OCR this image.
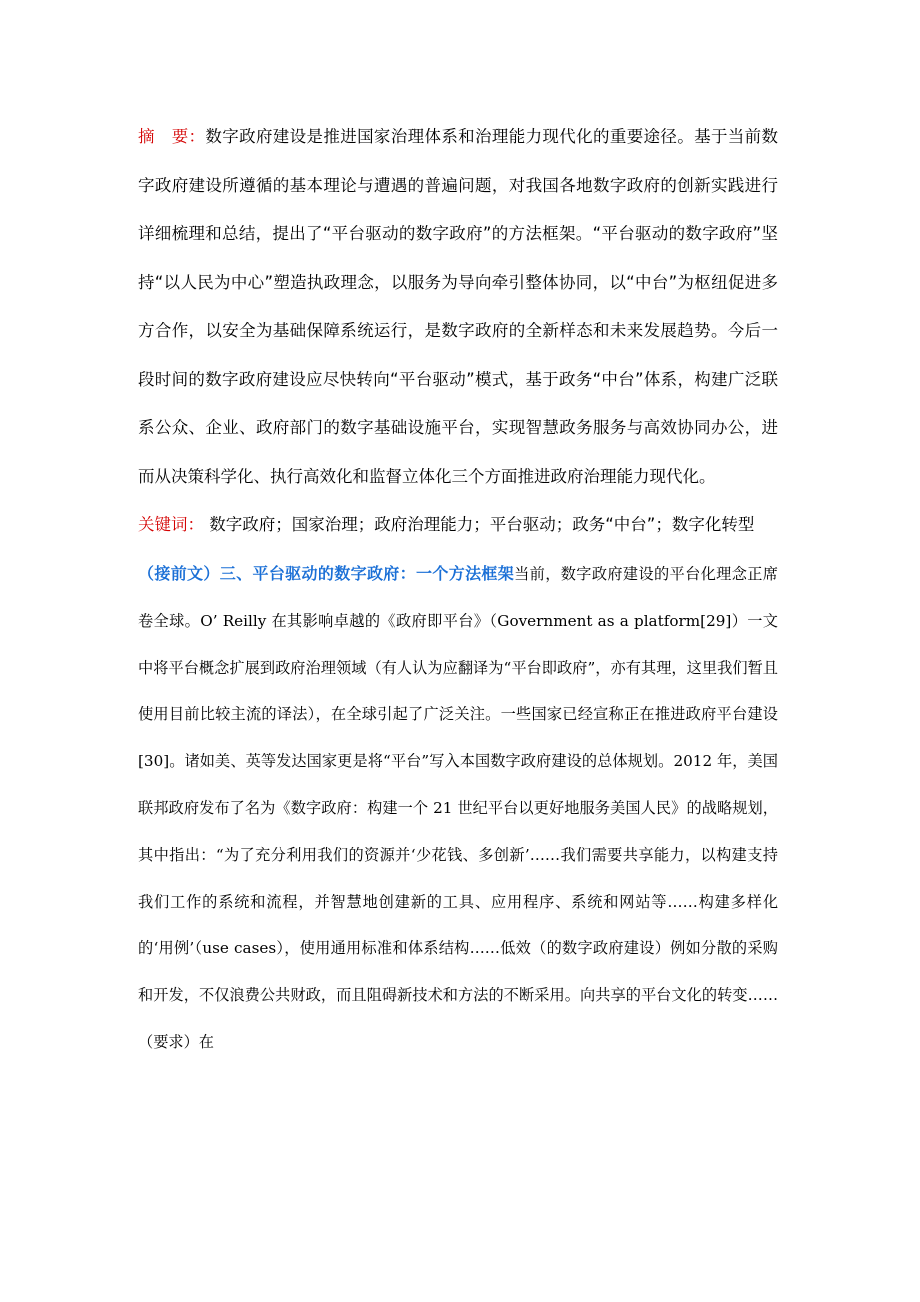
摘　要：数字政府建设是推进国家治理体系和治理能力现代化的重要途径。基于当前数字政府建设所遵循的基本理论与遭遇的普遍问题，对我国各地数字政府的创新实践进行详细梳理和总结，提出了“平台驱动的数字政府”的方法框架。“平台驱动的数字政府”坚持“以人民为中心”塑造执政理念，以服务为导向牵引整体协同，以“中台”为枢纽促进多方合作，以安全为基础保障系统运行，是数字政府的全新样态和未来发展趋势。今后一段时间的数字政府建设应尽快转向“平台驱动”模式，基于政务“中台”体系，构建广泛联系公众、企业、政府部门的数字基础设施平台，实现智慧政务服务与高效协同办公，进而从决策科学化、执行高效化和监督立体化三个方面推进政府治理能力现代化。

关键词： 数字政府；国家治理；政府治理能力；平台驱动；政务“中台”；数字化转型

（接前文）三、平台驱动的数字政府：一个方法框架当前，数字政府建设的平台化理念正席卷全球。O’ Reilly 在其影响卓越的《政府即平台》（Government as a platform[29]）一文中将平台概念扩展到政府治理领域（有人认为应翻译为“平台即政府”，亦有其理，这里我们暂且使用目前比较主流的译法），在全球引起了广泛关注。一些国家已经宣称正在推进政府平台建设[30]。诸如美、英等发达国家更是将“平台”写入本国数字政府建设的总体规划。2012 年，美国联邦政府发布了名为《数字政府：构建一个 21 世纪平台以更好地服务美国人民》的战略规划，其中指出：“为了充分利用我们的资源并‘少花钱、多创新’……我们需要共享能力，以构建支持我们工作的系统和流程，并智慧地创建新的工具、应用程序、系统和网站等……构建多样化的‘用例’（use cases），使用通用标准和体系结构……低效（的数字政府建设）例如分散的采购和开发，不仅浪费公共财政，而且阻碍新技术和方法的不断采用。向共享的平台文化的转变……（要求）在
